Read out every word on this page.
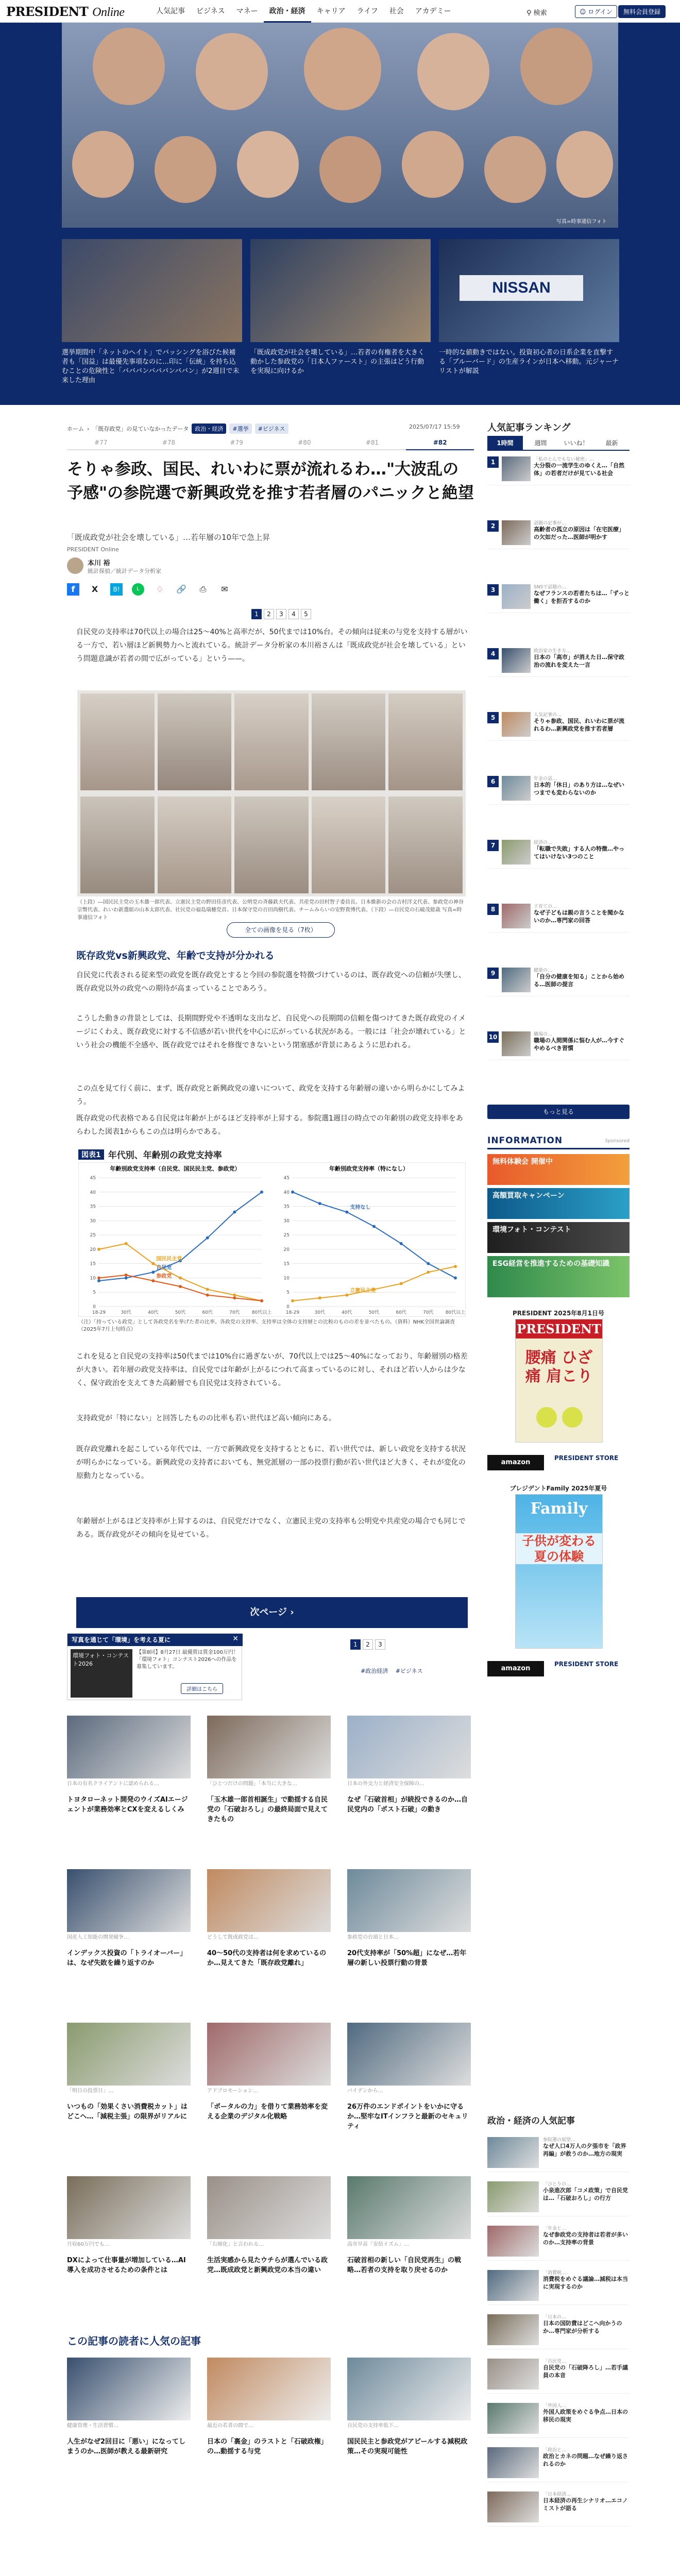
PRESIDENT Online	人気記事	ビジネス	マネー	政治・経済	キャリア	ライフ	社会	アカデミー	⚲ 検索	☺ ログイン	無料会員登録
NISSAN
選挙期間中「ネットのヘイト」でバッシングを浴びた候補者も「国益」は最優先事項なのに…印に「伝統」を持ち込むことの危険性と「バババンバババンババン」が2週目で未来した理由
「既成政党が社会を壊している」…若者の有権者を大きく動かした参政党の「日本人ファースト」の主張はどう行動を実現に向けるか
一時的な値動きではない。投資初心者の日系企業を直撃する「ブルーバード」の生産ラインが日本へ移動。元ジャーナリストが解説
写真=時事通信フォト
ホーム › 「既存政党」の見ていなかったデータ	政治・経済	#選挙	#ビジネス	2025/07/17 15:59
#77	#78	#79	#80	#81	#82
そりゃ参政、国民、れいわに票が流れるわ…"大波乱の予感"の参院選で新興政党を推す若者層のパニックと絶望
「既成政党が社会を壊している」…若年層の10年で急上昇
PRESIDENT Online
本川 裕
統計探偵／統計データ分析家
f	X	B!	L	♢	🔗	⎙	✉
1	2	3	4	5

自民党の支持率は70代以上の場合は25〜40%と高率だが、50代までは10%台。その傾向は従来の与党を支持する層がいる一方で、若い層ほど新興勢力へと流れている。統計データ分析家の本川裕さんは「既成政党が社会を壊している」という問題意識が若者の間で広がっている」という——。

（上段）―国民民主党の玉木雄一郎代表、立憲民主党の野田佳彦代表、公明党の斉藤鉄夫代表、共産党の田村智子委員長、日本維新の会の吉村洋文代表、参政党の神谷宗幣代表、れいわ新選組の山本太郎代表、社民党の福島瑞穂党首、日本保守党の百田尚樹代表、チームみらいの安野貴博代表、（下段）―自民党の石破茂総裁 写真=時事通信フォト
全ての画像を見る（7枚）
既存政党vs新興政党、年齢で支持が分かれる

自民党に代表される従来型の政党を既存政党とすると今回の参院選を特徴づけているのは、既存政党への信頼が失墜し、既存政党以外の政党への期待が高まっていることであろう。

こうした動きの背景としては、長期間野党や不透明な支出など、自民党への長期間の信頼を傷つけてきた既存政党のイメージにくわえ、既存政党に対する不信感が若い世代を中心に広がっている状況がある。一般には「社会が壊れている」という社会の機能不全感や、既存政党ではそれを修復できないという閉塞感が背景にあるように思われる。

この点を見て行く前に、まず、既存政党と新興政党の違いについて、政党を支持する年齢層の違いから明らかにしてみよう。

既存政党の代表格である自民党は年齢が上がるほど支持率が上昇する。参院選1週目の時点での年齢別の政党支持率をあらわした図表1からもこの点は明らかである。

図表1 年代別、年齢別の政党支持率
年齢別政党支持率（自民党、国民民主党、参政党）
0
5
10
15
20
25
30
35
40
45
18-29	30代	40代	50代	60代	70代	80代以上
自民党
国民民主党
参政党
年齢別政党支持率（特になし）
0
5
10
15
20
25
30
35
40
45
18-29	30代	40代	50代	60代	70代	80代以上
支持なし
立憲民主党
（注）「持っている政党」として各政党名を挙げた者の比率。各政党の支持率、支持率は全体の支持層との比較のものの差を並べたもの。（資料）NHK全国世論調査（2025年7月上旬時点）

これを見ると自民党の支持率は50代までは10%台に過ぎないが、70代以上では25〜40%になっており、年齢層別の格差が大きい。若年層の政党支持率は、自民党では年齢が上がるにつれて高まっているのに対し、それほど若い人からは少なく、保守政治を支えてきた高齢層でも自民党は支持されている。

支持政党が「特にない」と回答したものの比率も若い世代ほど高い傾向にある。

既存政党離れを起こしている年代では、一方で新興政党を支持するとともに、若い世代では、新しい政党を支持する状況が明らかになっている。新興政党の支持者においても、無党派層の一部の投票行動が若い世代ほど大きく、それが変化の原動力となっている。

年齢層が上がるほど支持率が上昇するのは、自民党だけでなく、立憲民主党の支持率も公明党や共産党の場合でも同じである。既存政党がその傾向を見せている。

次ページ ›
1	2	3
#政治経済 　#ビジネス
写真を通じて「環境」を考える夏に	✕
環境フォト・コンテスト2026
【第8回】8月27日 最優賞は賞金100万円！「環境フォト」コンテスト2026への作品を募集しています。
詳細はこちら
日本の有名クライアントに認められる…
トヨタローネット開発のウイズAIエージェントが業務効率とCXを変えるしくみ
「ひとつだけの問題」「本当に大きな…
「玉木雄一郎首相誕生」で動揺する自民党の「石破おろし」の最終局面で見えてきたもの
日本の外交力と経済安全保障の…
なぜ「石破首相」が続投できるのか…自民党内の「ポスト石破」の動き
国産人工知能の開発競争…
インデックス投資の「トライオーバー」は、なぜ失敗を繰り返すのか
どうして既成政党は…
40〜50代の支持者は何を求めているのか…見えてきた「既存政党離れ」
参政党の台頭と日本…
20代支持率が「50%超」になぜ…若年層の新しい投票行動の背景
「明日の投票日」…
いつもの「効果くさい消費税カット」はどこへ…「減税主張」の限界がリアルに
アドプロモーション…
「ポータルの力」を借りて業務効率を変える企業のデジタル化戦略
バイデンから…
26万件のエンドポイントをいかに守るか…堅牢なITインフラと最新のセキュリティ
月収60万円でも…
DXによって仕事量が増加している…AI導入を成功させるための条件とは
「右傾化」と言われる…
生活実感から見たウチらが選んでいる政党…既成政党と新興政党の本当の違い
高市早苗「安倍イズム」…
石破首相の新しい「自民党再生」の戦略…若者の支持を取り戻せるのか
この記事の読者に人気の記事
健康管理・生活習慣…
人生がなぜ2回目に「悪い」になってしまうのか…医師が教える最新研究
最近の若者の間で…
日本の「裏金」のラストと「石破政権」の…動揺する与党
自民党の支持率低下…
国民民主と参政党がアピールする減税政策…その実現可能性
人気記事ランキング
1時間	週間	いいね！	最新
1	「私のとんでもない秘密」…
大分裂の一流学生のゆくえ…「自然体」の若者だけが見ている社会
2	話題の記事が…
高齢者の孤立の原因は「在宅医療」の欠如だった…医師が明かす
3	SNSで話題の…
なぜフランスの若者たちは…「ずっと働く」を拒否するのか
4	政治家の生き方…
日本の「高市」が消えた日…保守政治の流れを変えた一言
5	人気記事の…
そりゃ参政、国民、れいわに票が流れるわ…新興政党を推す若者層
6	年金の話…
日本的「休日」のあり方は…なぜいつまでも変わらないのか
7	経済の…
「転職で失敗」する人の特徴…やってはいけない3つのこと
8	子育ての…
なぜ子どもは親の言うことを聞かないのか…専門家の回答
9	健康の…
「自分の健康を知る」ことから始める…医師の提言
10	職場の…
職場の人間関係に悩む人が…今すぐやめるべき習慣
もっと見る
Sponsored
INFORMATION
無料体験会 開催中
高額買取キャンペーン
環境フォト・コンテスト
ESG経営を推進するための基礎知識
PRESIDENT 2025年8月1日号
PRESIDENT
腰痛 ひざ痛 肩こり
amazon
PRESIDENT STORE
プレジデントFamily 2025年夏号
Family
子供が変わる 夏の体験
amazon
PRESIDENT STORE
政治・経済の人気記事
参院選の展望…
なぜ人口4万人の夕張市を「政界再編」が救うのか…地方の現実
「ひとりの…
小泉進次郎「コメ政策」で自民党は…「石破おろし」の行方
「年金と…
なぜ参政党の支持者は若者が多いのか…支持率の背景
「消費税…
消費税をめぐる議論…減税は本当に実現するのか
「日本の…
日本の国防費はどこへ向かうのか…専門家が分析する
「自民党…
自民党の「石破降ろし」…若手議員の本音
「外国人…
外国人政策をめぐる争点…日本の移民の現実
「政治と…
政治とカネの問題…なぜ繰り返されるのか
「日本経済…
日本経済の再生シナリオ…エコノミストが語る
